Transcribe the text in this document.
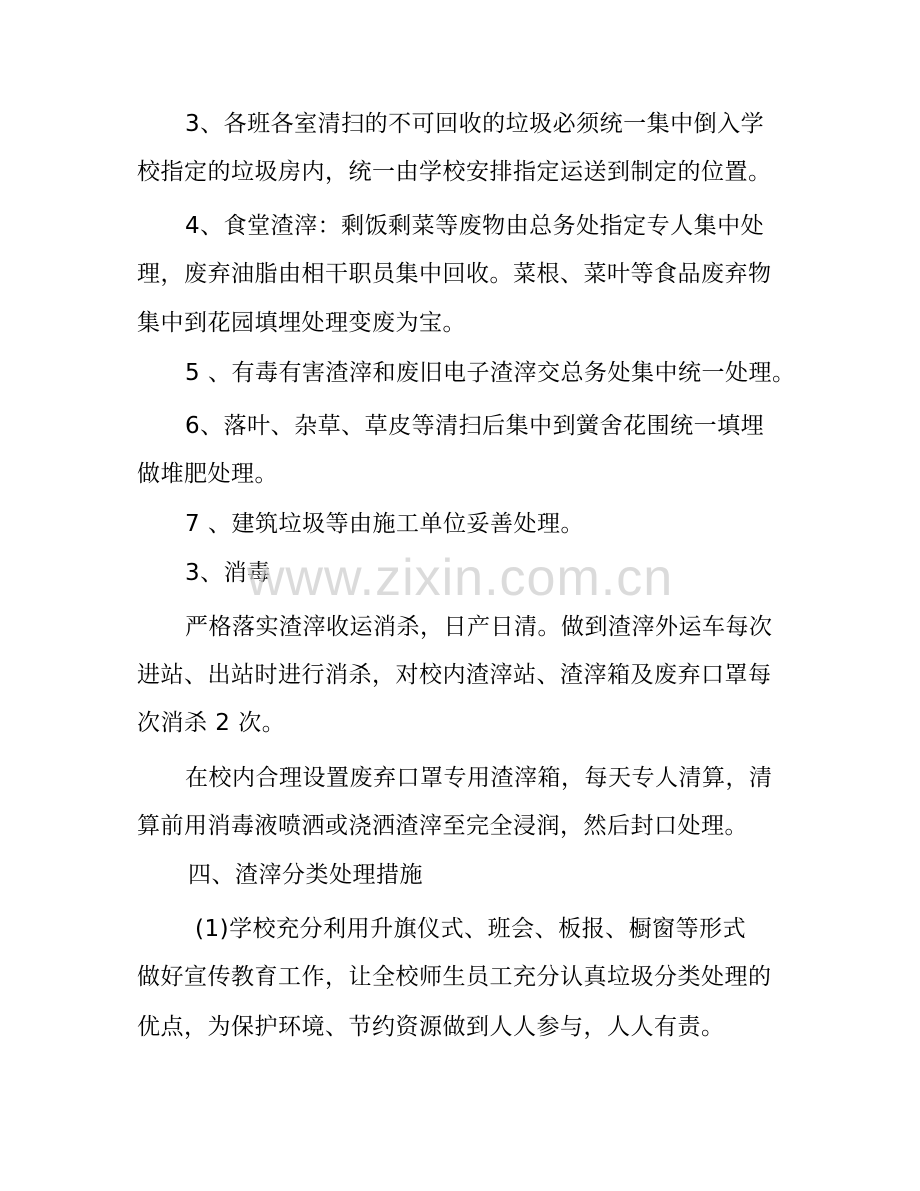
3、各班各室清扫的不可回收的垃圾必须统一集中倒入学
校指定的垃圾房内，统一由学校安排指定运送到制定的位置。
4、食堂渣滓：剩饭剩菜等废物由总务处指定专人集中处
理，废弃油脂由相干职员集中回收。菜根、菜叶等食品废弃物
集中到花园填埋处理变废为宝。
5 、有毒有害渣滓和废旧电子渣滓交总务处集中统一处理。
6、落叶、杂草、草皮等清扫后集中到黉舍花围统一填埋
做堆肥处理。
7 、建筑垃圾等由施工单位妥善处理。
3、消毒
严格落实渣滓收运消杀，日产日清。做到渣滓外运车每次
进站、出站时进行消杀，对校内渣滓站、渣滓箱及废弃口罩每
次消杀 2 次。
在校内合理设置废弃口罩专用渣滓箱，每天专人清算，清
算前用消毒液喷洒或浇洒渣滓至完全浸润，然后封口处理。
四、渣滓分类处理措施
(1)学校充分利用升旗仪式、班会、板报、橱窗等形式
做好宣传教育工作，让全校师生员工充分认真垃圾分类处理的
优点，为保护环境、节约资源做到人人参与，人人有责。
www.zixin.com.cn
